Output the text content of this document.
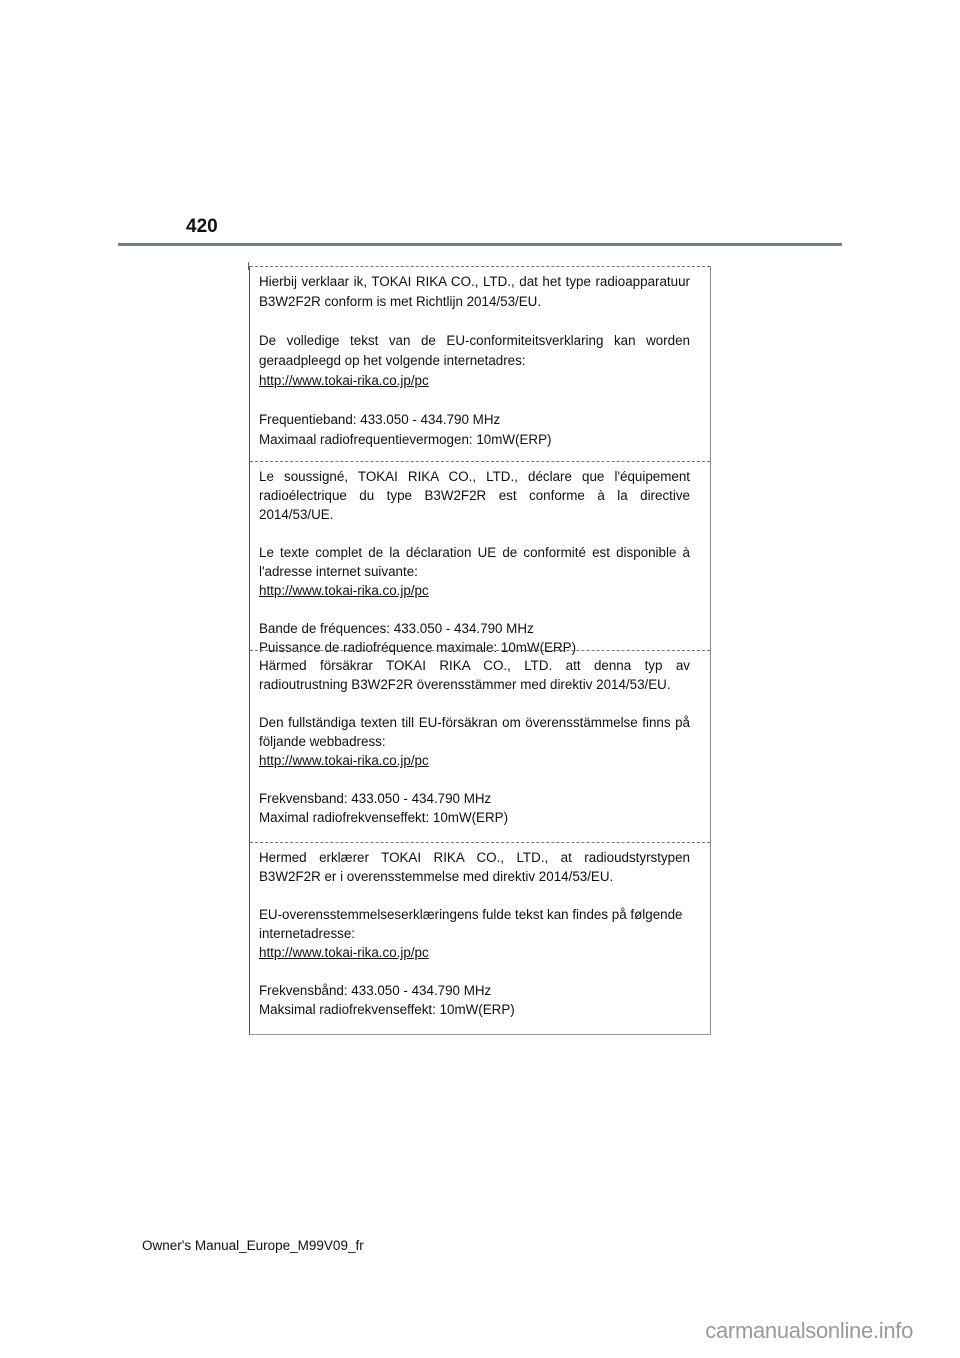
420

Hierbij verklaar ik, TOKAI RIKA CO., LTD., dat het type radioapparatuur B3W2F2R conform is met Richtlijn 2014/53/EU.

De volledige tekst van de EU-conformiteitsverklaring kan worden geraadpleegd op het volgende internetadres:

http://www.tokai-rika.co.jp/pc

Frequentieband: 433.050 - 434.790 MHz

Maximaal radiofrequentievermogen: 10mW(ERP)

Le soussigné, TOKAI RIKA CO., LTD., déclare que l'équipement radioélectrique du type B3W2F2R est conforme à la directive 2014/53/UE.

Le texte complet de la déclaration UE de conformité est disponible à l'adresse internet suivante:

http://www.tokai-rika.co.jp/pc

Bande de fréquences: 433.050 - 434.790 MHz

Puissance de radiofréquence maximale: 10mW(ERP)

Härmed försäkrar TOKAI RIKA CO., LTD. att denna typ av radioutrustning B3W2F2R överensstämmer med direktiv 2014/53/EU.

Den fullständiga texten till EU-försäkran om överensstämmelse finns på följande webbadress:

http://www.tokai-rika.co.jp/pc

Frekvensband: 433.050 - 434.790 MHz

Maximal radiofrekvenseffekt: 10mW(ERP)

Hermed erklærer TOKAI RIKA CO., LTD., at radioudstyrstypen B3W2F2R er i overensstemmelse med direktiv 2014/53/EU.

EU-overensstemmelseserklæringens fulde tekst kan findes på følgende internetadresse:

http://www.tokai-rika.co.jp/pc

Frekvensbånd: 433.050 - 434.790 MHz

Maksimal radiofrekvenseffekt: 10mW(ERP)

Owner's Manual_Europe_M99V09_fr
carmanualsonline.info
